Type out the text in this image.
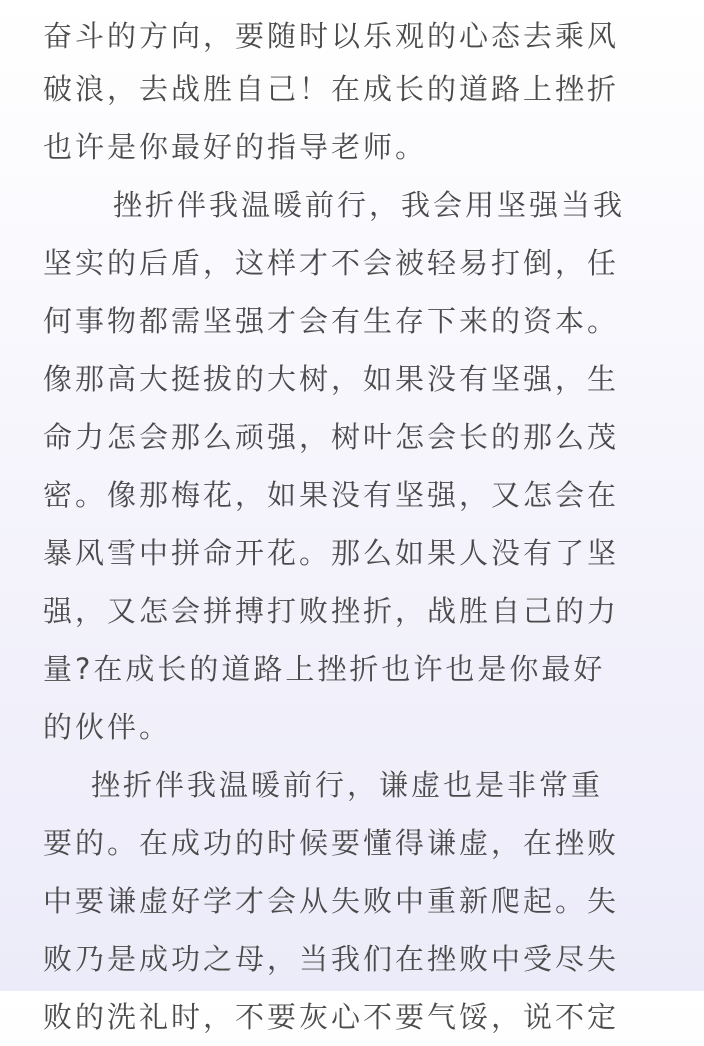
奋斗的方向，要随时以乐观的心态去乘风
破浪，去战胜自己！在成长的道路上挫折
也许是你最好的指导老师。
挫折伴我温暖前行，我会用坚强当我
坚实的后盾，这样才不会被轻易打倒，任
何事物都需坚强才会有生存下来的资本。
像那高大挺拔的大树，如果没有坚强，生
命力怎会那么顽强，树叶怎会长的那么茂
密。像那梅花，如果没有坚强，又怎会在
暴风雪中拼命开花。那么如果人没有了坚
强，又怎会拼搏打败挫折，战胜自己的力
量?在成长的道路上挫折也许也是你最好
的伙伴。
挫折伴我温暖前行，谦虚也是非常重
要的。在成功的时候要懂得谦虚，在挫败
中要谦虚好学才会从失败中重新爬起。失
败乃是成功之母，当我们在挫败中受尽失
败的洗礼时，不要灰心不要气馁，说不定
